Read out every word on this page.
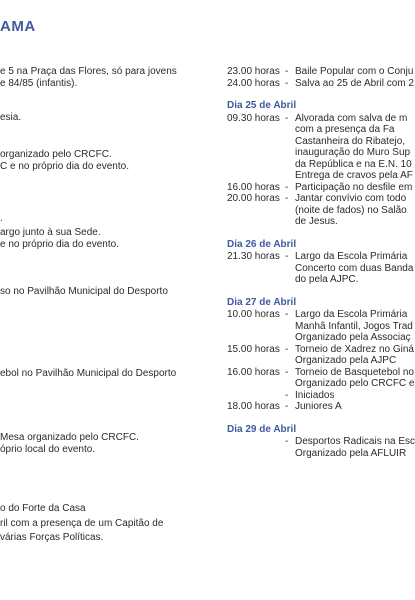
AMA
e 5 na Praça das Flores, só para jovens
e 84/85 (infantis).
esia.
organizado pelo CRCFC.
C e no próprio dia do evento.
.
argo junto à sua Sede.
e no próprio dia do evento.
so no Pavilhão Municipal do Desporto
ebol no Pavilhão Municipal do Desporto
Mesa organizado pelo CRCFC.
óprio local do evento.
o do Forte da Casa
ril com a presença de um Capitão de
várias Forças Políticas.
23.00 horas - Baile Popular com o Conju
24.00 horas - Salva ao 25 de Abril com 2
Dia 25 de Abril
09.30 horas - Alvorada com salva de m
com a presença da Fa
Castanheira do Ribatejo,
inauguração do Muro Sup
da República e na E.N. 10
Entrega de cravos pela AF
16.00 horas - Participação no desfile em
20.00 horas - Jantar convívio com todo
(noite de fados) no Salão
de Jesus.
Dia 26 de Abril
21.30 horas - Largo da Escola Primária
Concerto com duas Banda
do pela AJPC.
Dia 27 de Abril
10.00 horas - Largo da Escola Primária
Manhã Infantil, Jogos Trad
Organizado pela Associaç
15.00 horas - Torneio de Xadrez no Giná
Organizado pela AJPC
16.00 horas - Torneio de Basquetebol no
Organizado pelo CRCFC e
- Iniciados
18.00 horas - Juniores A
Dia 29 de Abril
- Desportos Radicais na Esc
Organizado pela AFLUIR
